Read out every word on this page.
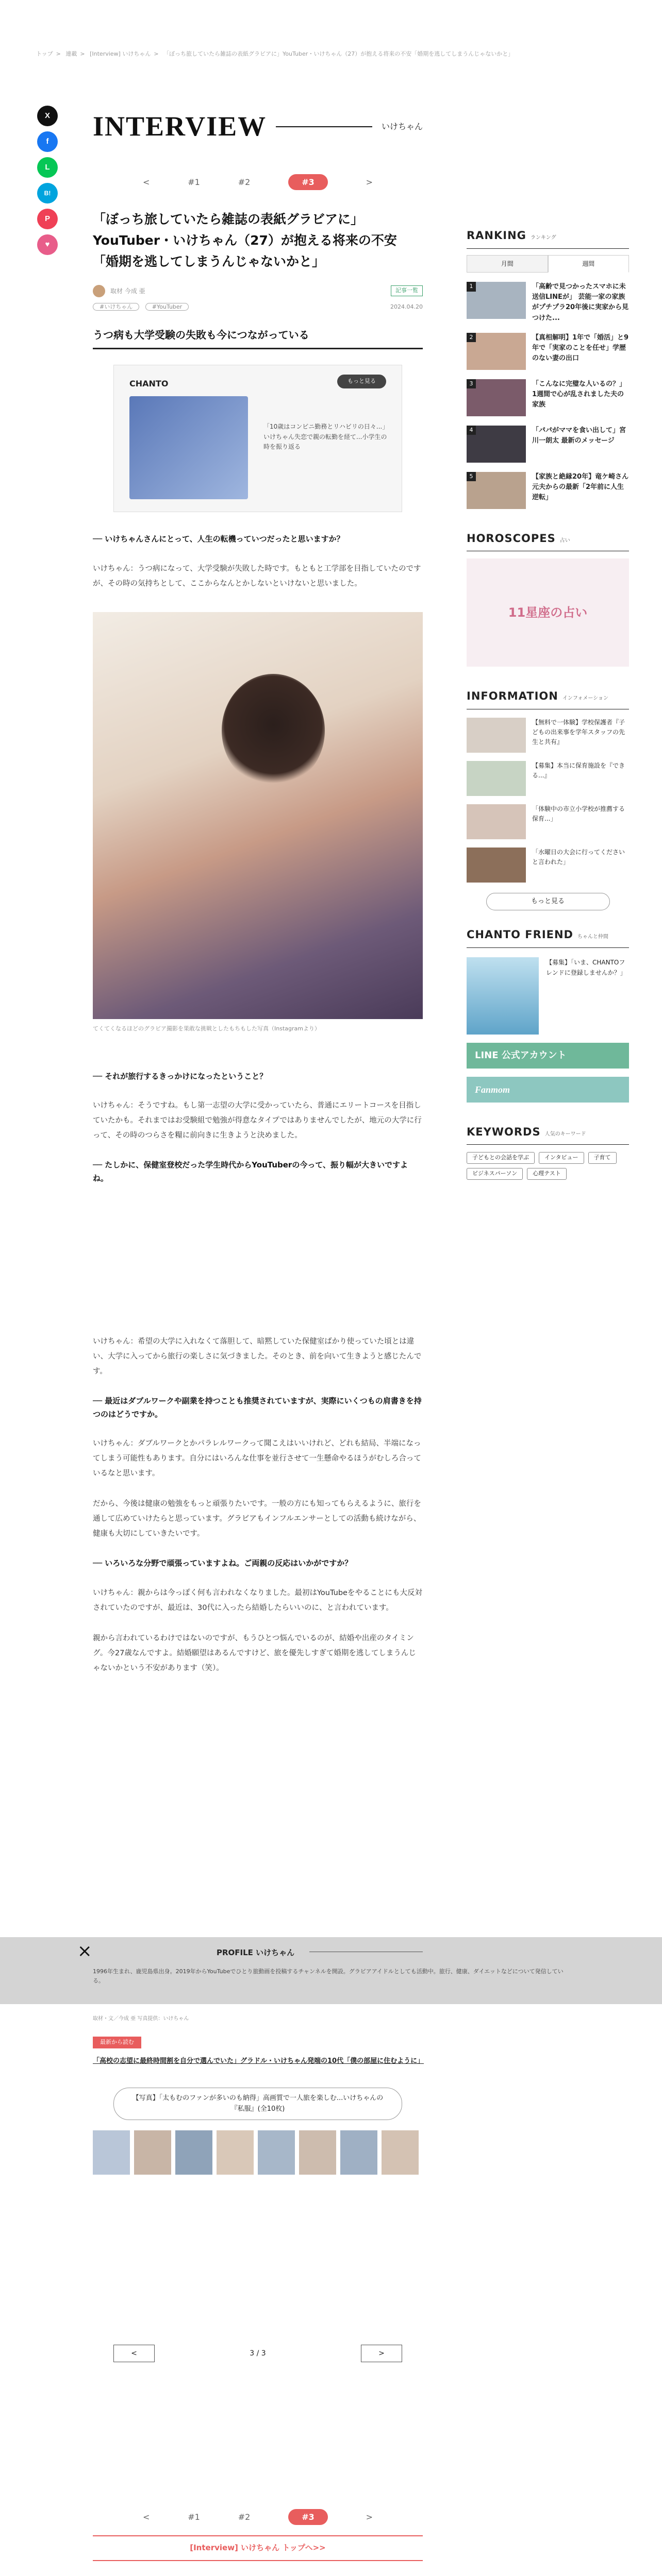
トップ > 連載 > [Interview] いけちゃん > 「ぼっち旅していたら雑誌の表紙グラビアに」YouTuber・いけちゃん（27）が抱える将来の不安「婚期を逃してしまうんじゃないかと」
X
f
L
B!
P
♥
INTERVIEW	いけちゃん
<	#1	#2	#3	>
「ぼっち旅していたら雑誌の表紙グラビアに」
YouTuber・いけちゃん（27）が抱える将来の不安
「婚期を逃してしまうんじゃないかと」
取材 今成 亜	記事一覧
#いけちゃん	#YouTuber	2024.04.20
うつ病も大学受験の失敗も今につながっている
CHANTO	もっと見る
「10歳はコンビニ勤務とリハビリの日々...」いけちゃん失恋で親の転勤を経て...小学生の時を振り返る

── いけちゃんさんにとって、人生の転機っていつだったと思いますか？

いけちゃん：うつ病になって、大学受験が失敗した時です。もともと工学部を目指していたのですが、その時の気持ちとして、ここからなんとかしないといけないと思いました。

てくてくなるほどのグラビア撮影を果敢な挑戦としたもちもした写真（Instagramより）

── それが旅行するきっかけになったということ？

いけちゃん：そうですね。もし第一志望の大学に受かっていたら、普通にエリートコースを目指していたかも。それまではお受験組で勉強が得意なタイプではありませんでしたが、地元の大学に行って、その時のつらさを糧に前向きに生きようと決めました。

── たしかに、保健室登校だった学生時代からYouTuberの今って、振り幅が大きいですよね。

いけちゃん：希望の大学に入れなくて落胆して、暗黙していた保健室ばかり使っていた頃とは違い、大学に入ってから旅行の楽しさに気づきました。そのとき、前を向いて生きようと感じたんです。

── 最近はダブルワークや副業を持つことも推奨されていますが、実際にいくつもの肩書きを持つのはどうですか。

いけちゃん：ダブルワークとかパラレルワークって聞こえはいいけれど、どれも結局、半端になってしまう可能性もあります。自分にはいろんな仕事を並行させて一生懸命やるほうがむしろ合っているなと思います。

だから、今後は健康の勉強をもっと頑張りたいです。一般の方にも知ってもらえるように、旅行を通して広めていけたらと思っています。グラビアもインフルエンサーとしての活動も続けながら、健康も大切にしていきたいです。

── いろいろな分野で頑張っていますよね。ご両親の反応はいかがですか？

いけちゃん：親からは今っぽく何も言われなくなりました。最初はYouTubeをやることにも大反対されていたのですが、最近は、30代に入ったら結婚したらいいのに、と言われています。

親から言われているわけではないのですが、もうひとつ悩んでいるのが、結婚や出産のタイミング。今27歳なんですよ。結婚願望はあるんですけど、旅を優先しすぎて婚期を逃してしまうんじゃないかという不安があります（笑）。

×	PROFILE いけちゃん
1996年生まれ、鹿児島県出身。2019年からYouTubeでひとり旅動画を投稿するチャンネルを開設。グラビアアイドルとしても活動中。旅行、健康、ダイエットなどについて発信している。
取材・文／今成 亜 写真提供：いけちゃん
最新から読む
「高校の志望に最終時間割を自分で選んでいた」グラドル・いけちゃん発端の10代「僕の部屋に住むように」
【写真】「太もむのファンが多いのも納得」高画質で一人旅を楽しむ...いけちゃんの『私服』(全10枚)
<	3 / 3	>
<	#1	#2	#3	>
[Interview] いけちゃん トップへ>>
RANKING ランキング
月間	週間
1	「高齢で見つかったスマホに未送信LINEが」 芸能一家の家族がプチプラ20年後に実家から見つけた...
2	【真相解明】1年で「婚活」と9年で「実家のことを任せ」学歴のない妻の出口
3	「こんなに完璧な人いるの？」1週間で心が乱されました夫の家族
4	「パパがママを食い出して」宮川一朗太 最新のメッセージ
5	【家族と絶縁20年】竜ケ崎さん 元夫からの最新「2年前に人生逆転」
HOROSCOPES 占い
11星座の占い
INFORMATION インフォメーション
【無料で一体験】学校保護者『子どもの出来事を学年スタッフの先生と共有』
【募集】本当に保育施設を『できる...』
「体験中の市立小学校が推薦する保育...」
「水曜日の大会に行ってくださいと言われた」
もっと見る
CHANTO FRIEND ちゃんと仲間
【募集】「いま、CHANTOフレンドに登録しませんか？」
LINE 公式アカウント
Fanmom
KEYWORDS 人気のキーワード
子どもとの会話を学ぶ	インタビュー	子育て
ビジネスパーソン	心理テスト
